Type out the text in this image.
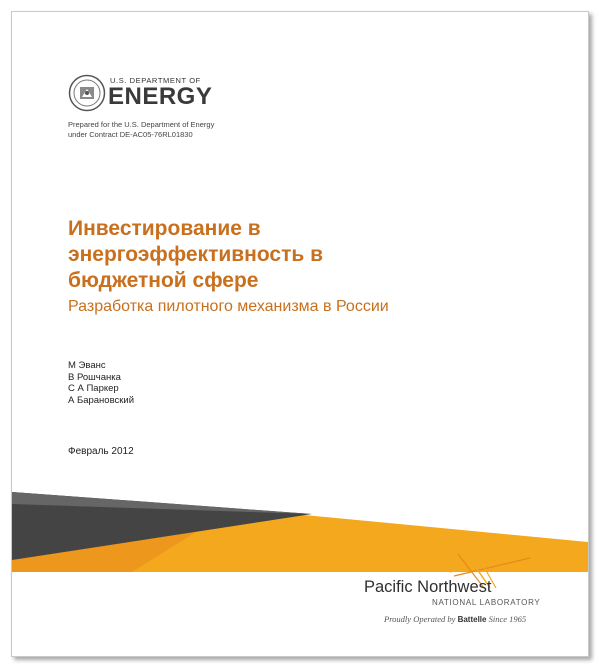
U.S. DEPARTMENT OF
ENERGY
Prepared for the U.S. Department of Energy
under Contract DE-AC05-76RL01830
Инвестирование в
энергоэффективность в
бюджетной сфере
Разработка пилотного механизма в России
М Эванс
В Рошчанка
С А Паркер
А Барановский
Февраль 2012
Pacific Northwest
NATIONAL LABORATORY
Proudly Operated by Battelle Since 1965
